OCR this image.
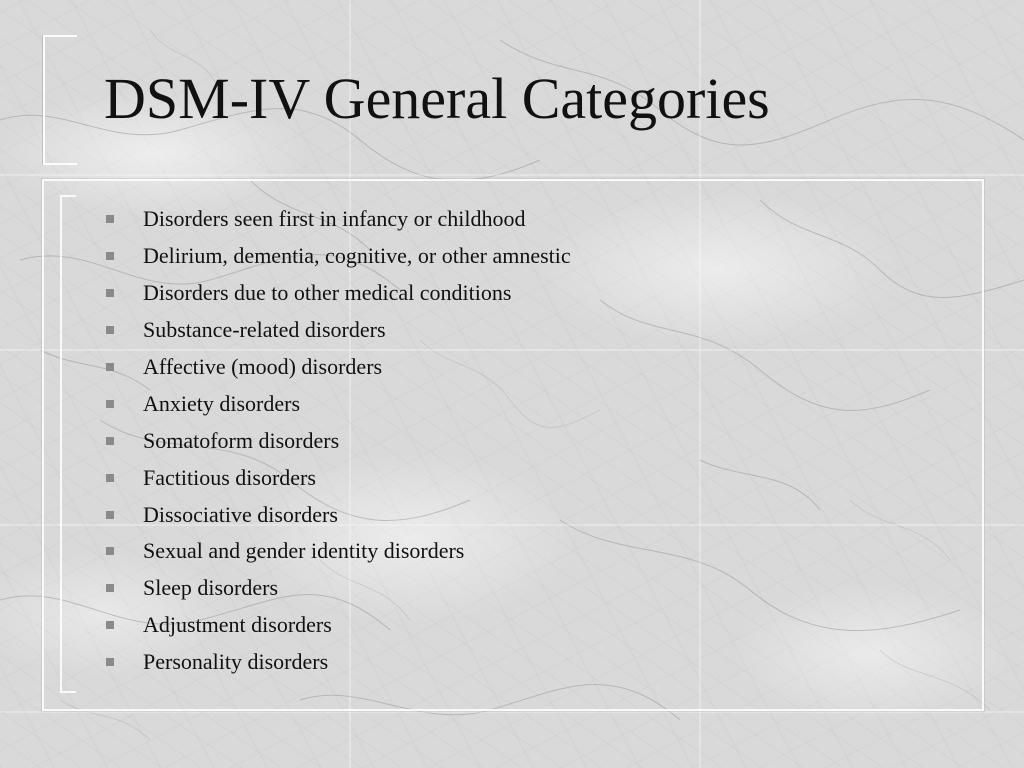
DSM-IV General Categories
Disorders seen first in infancy or childhood
Delirium, dementia, cognitive, or other amnestic
Disorders due to other medical conditions
Substance-related disorders
Affective (mood) disorders
Anxiety disorders
Somatoform disorders
Factitious disorders
Dissociative disorders
Sexual and gender identity disorders
Sleep disorders
Adjustment disorders
Personality disorders
